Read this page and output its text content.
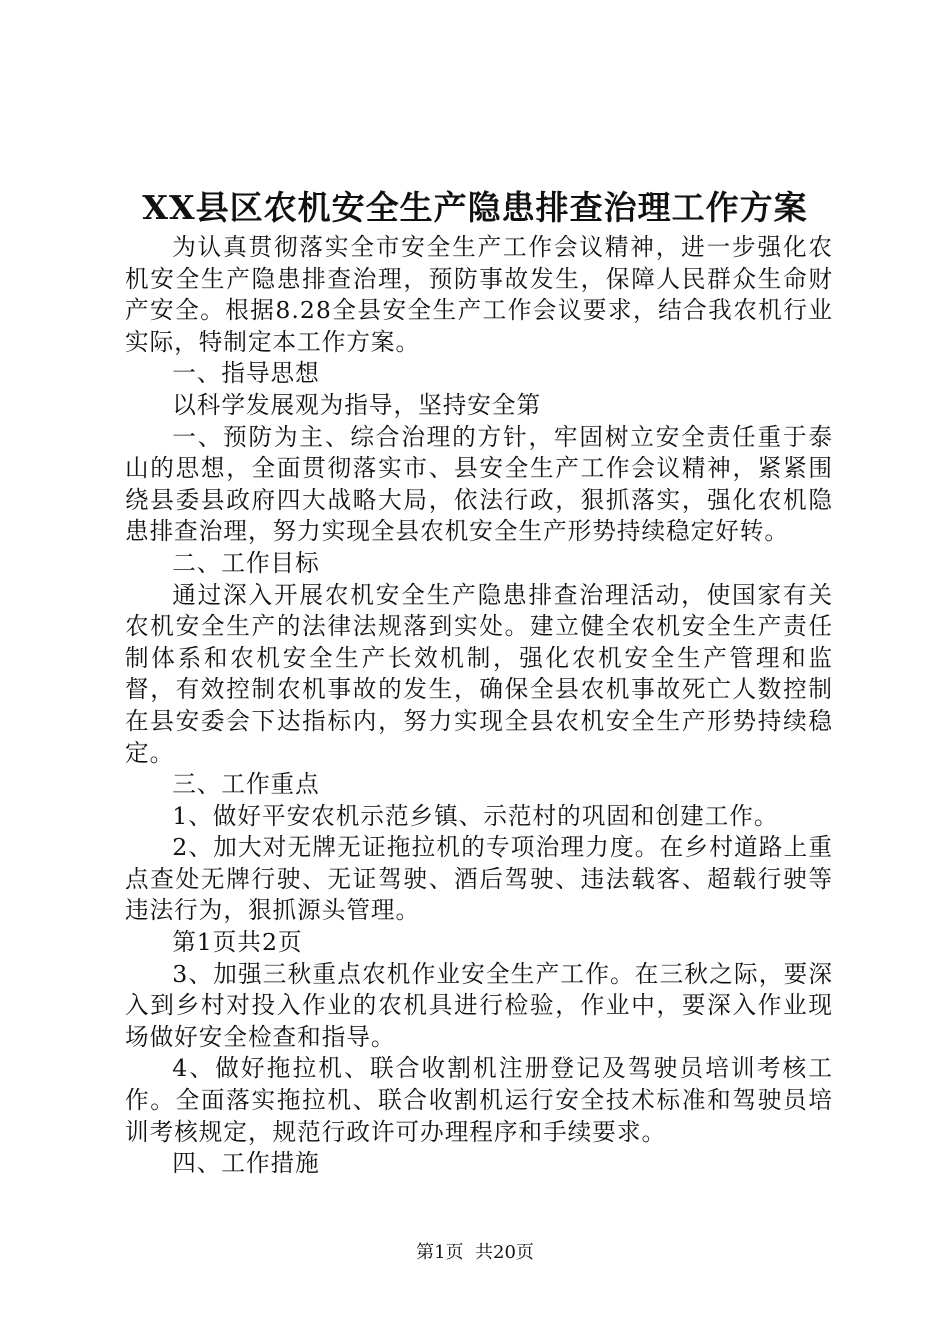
XX县区农机安全生产隐患排查治理工作方案

为认真贯彻落实全市安全生产工作会议精神，进一步强化农机安全生产隐患排查治理，预防事故发生，保障人民群众生命财产安全。根据8.28全县安全生产工作会议要求，结合我农机行业实际，特制定本工作方案。

一、指导思想

以科学发展观为指导，坚持安全第

一、预防为主、综合治理的方针，牢固树立安全责任重于泰山的思想，全面贯彻落实市、县安全生产工作会议精神，紧紧围绕县委县政府四大战略大局，依法行政，狠抓落实，强化农机隐患排查治理，努力实现全县农机安全生产形势持续稳定好转。

二、工作目标

通过深入开展农机安全生产隐患排查治理活动，使国家有关农机安全生产的法律法规落到实处。建立健全农机安全生产责任制体系和农机安全生产长效机制，强化农机安全生产管理和监督，有效控制农机事故的发生，确保全县农机事故死亡人数控制在县安委会下达指标内，努力实现全县农机安全生产形势持续稳定。

三、工作重点

1、做好平安农机示范乡镇、示范村的巩固和创建工作。

2、加大对无牌无证拖拉机的专项治理力度。在乡村道路上重点查处无牌行驶、无证驾驶、酒后驾驶、违法载客、超载行驶等违法行为，狠抓源头管理。

第1页共2页

3、加强三秋重点农机作业安全生产工作。在三秋之际，要深入到乡村对投入作业的农机具进行检验，作业中，要深入作业现场做好安全检查和指导。

4、做好拖拉机、联合收割机注册登记及驾驶员培训考核工作。全面落实拖拉机、联合收割机运行安全技术标准和驾驶员培训考核规定，规范行政许可办理程序和手续要求。

四、工作措施

第1页  共20页
